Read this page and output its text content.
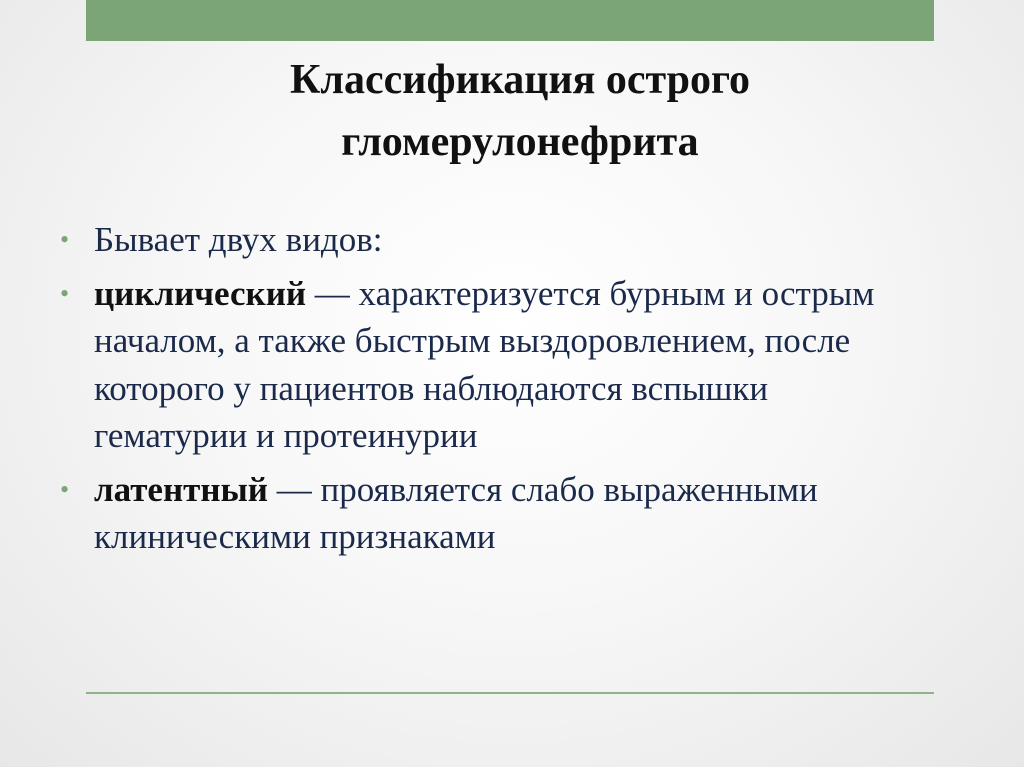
Классификация острого
гломерулонефрита
• Бывает двух видов:
• циклический — характеризуется бурным и острым началом, а также быстрым выздоровлением, после которого у пациентов наблюдаются вспышки гематурии и протеинурии
• латентный — проявляется слабо выраженными клиническими признаками
